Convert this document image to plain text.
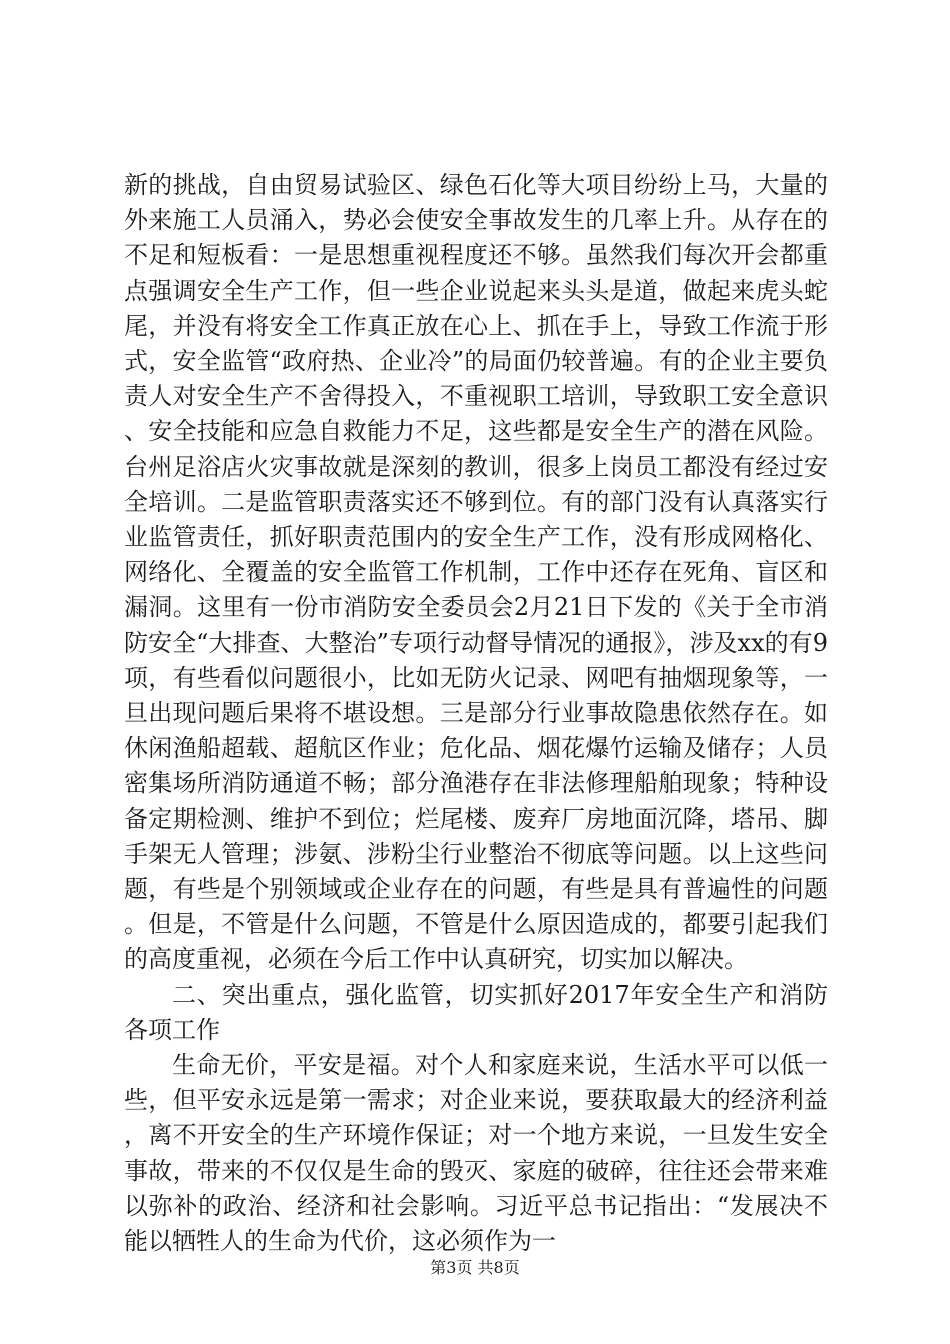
新的挑战，自由贸易试验区、绿色石化等大项目纷纷上马，大量的外来施工人员涌入，势必会使安全事故发生的几率上升。从存在的不足和短板看：一是思想重视程度还不够。虽然我们每次开会都重点强调安全生产工作，但一些企业说起来头头是道，做起来虎头蛇尾，并没有将安全工作真正放在心上、抓在手上，导致工作流于形式，安全监管“政府热、企业冷”的局面仍较普遍。有的企业主要负责人对安全生产不舍得投入，不重视职工培训，导致职工安全意识、安全技能和应急自救能力不足，这些都是安全生产的潜在风险。台州足浴店火灾事故就是深刻的教训，很多上岗员工都没有经过安全培训。二是监管职责落实还不够到位。有的部门没有认真落实行业监管责任，抓好职责范围内的安全生产工作，没有形成网格化、网络化、全覆盖的安全监管工作机制，工作中还存在死角、盲区和漏洞。这里有一份市消防安全委员会2月21日下发的《关于全市消防安全“大排查、大整治”专项行动督导情况的通报》，涉及xx的有9项，有些看似问题很小，比如无防火记录、网吧有抽烟现象等，一旦出现问题后果将不堪设想。三是部分行业事故隐患依然存在。如休闲渔船超载、超航区作业；危化品、烟花爆竹运输及储存；人员密集场所消防通道不畅；部分渔港存在非法修理船舶现象；特种设备定期检测、维护不到位；烂尾楼、废弃厂房地面沉降，塔吊、脚手架无人管理；涉氨、涉粉尘行业整治不彻底等问题。以上这些问题，有些是个别领域或企业存在的问题，有些是具有普遍性的问题。但是，不管是什么问题，不管是什么原因造成的，都要引起我们的高度重视，必须在今后工作中认真研究，切实加以解决。

二、突出重点，强化监管，切实抓好2017年安全生产和消防各项工作

生命无价，平安是福。对个人和家庭来说，生活水平可以低一些，但平安永远是第一需求；对企业来说，要获取最大的经济利益，离不开安全的生产环境作保证；对一个地方来说，一旦发生安全事故，带来的不仅仅是生命的毁灭、家庭的破碎，往往还会带来难以弥补的政治、经济和社会影响。习近平总书记指出：“发展决不能以牺牲人的生命为代价，这必须作为一

第3页 共8页
